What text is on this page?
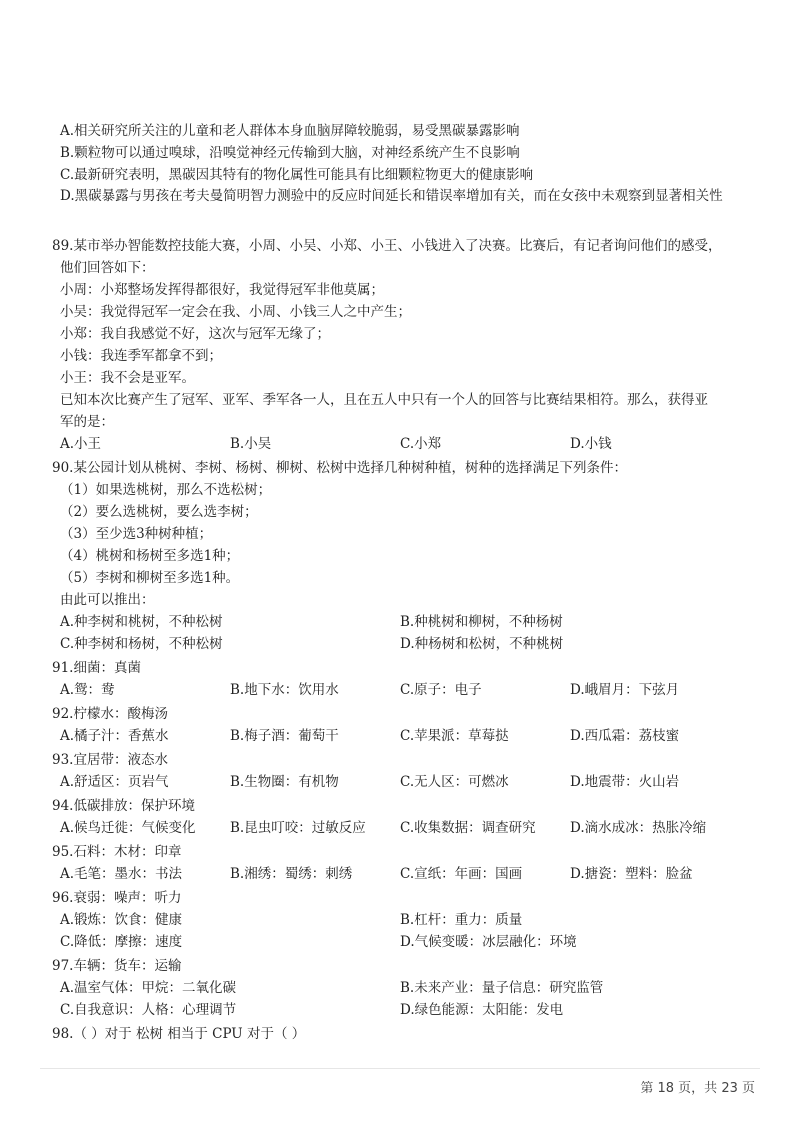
A.相关研究所关注的儿童和老人群体本身血脑屏障较脆弱，易受黑碳暴露影响
B.颗粒物可以通过嗅球，沿嗅觉神经元传输到大脑，对神经系统产生不良影响
C.最新研究表明，黑碳因其特有的物化属性可能具有比细颗粒物更大的健康影响
D.黑碳暴露与男孩在考夫曼简明智力测验中的反应时间延长和错误率增加有关，而在女孩中未观察到显著相关性
89.某市举办智能数控技能大赛，小周、小吴、小郑、小王、小钱进入了决赛。比赛后，有记者询问他们的感受，
他们回答如下：
小周：小郑整场发挥得都很好，我觉得冠军非他莫属；
小吴：我觉得冠军一定会在我、小周、小钱三人之中产生；
小郑：我自我感觉不好，这次与冠军无缘了；
小钱：我连季军都拿不到；
小王：我不会是亚军。
已知本次比赛产生了冠军、亚军、季军各一人，且在五人中只有一个人的回答与比赛结果相符。那么，获得亚
军的是：
A.小王	B.小吴	C.小郑	D.小钱
90.某公园计划从桃树、李树、杨树、柳树、松树中选择几种树种植，树种的选择满足下列条件：
（1）如果选桃树，那么不选松树；
（2）要么选桃树，要么选李树；
（3）至少选3种树种植；
（4）桃树和杨树至多选1种；
（5）李树和柳树至多选1种。
由此可以推出：
A.种李树和桃树，不种松树	B.种桃树和柳树，不种杨树
C.种李树和杨树，不种松树	D.种杨树和松树，不种桃树
91.细菌：真菌
A.鸳：鸯	B.地下水：饮用水	C.原子：电子	D.峨眉月：下弦月
92.柠檬水：酸梅汤
A.橘子汁：香蕉水	B.梅子酒：葡萄干	C.苹果派：草莓挞	D.西瓜霜：荔枝蜜
93.宜居带：液态水
A.舒适区：页岩气	B.生物圈：有机物	C.无人区：可燃冰	D.地震带：火山岩
94.低碳排放：保护环境
A.候鸟迁徙：气候变化	B.昆虫叮咬：过敏反应	C.收集数据：调查研究	D.滴水成冰：热胀冷缩
95.石料：木材：印章
A.毛笔：墨水：书法	B.湘绣：蜀绣：刺绣	C.宣纸：年画：国画	D.搪瓷：塑料：脸盆
96.衰弱：噪声：听力
A.锻炼：饮食：健康	B.杠杆：重力：质量
C.降低：摩擦：速度	D.气候变暖：冰层融化：环境
97.车辆：货车：运输
A.温室气体：甲烷：二氧化碳	B.未来产业：量子信息：研究监管
C.自我意识：人格：心理调节	D.绿色能源：太阳能：发电
98.（ ）对于 松树 相当于 CPU 对于（ ）
第 18 页，共 23 页
